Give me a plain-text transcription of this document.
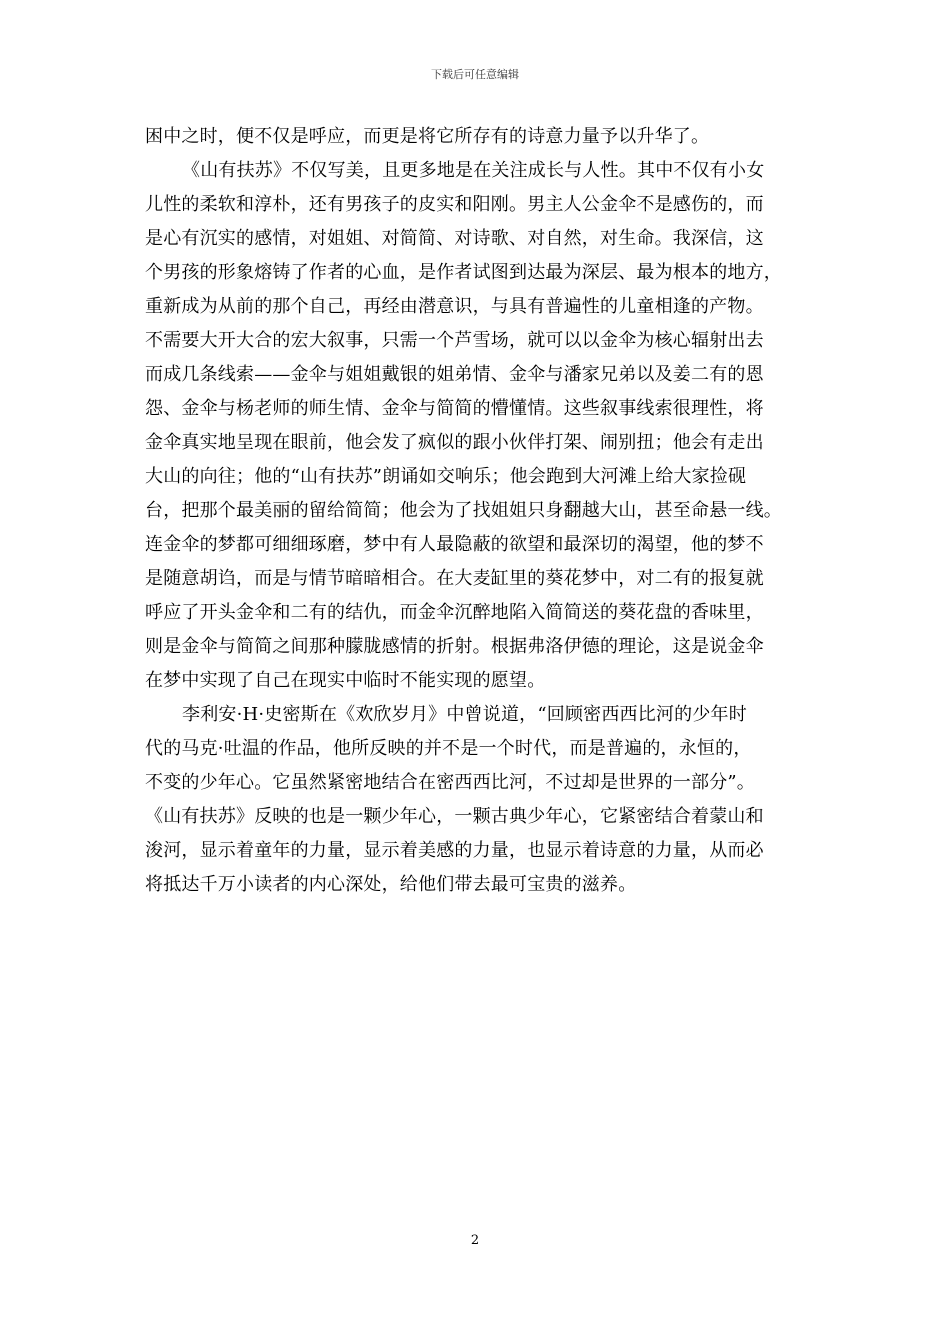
下载后可任意编辑
困中之时，便不仅是呼应，而更是将它所存有的诗意力量予以升华了。
《山有扶苏》不仅写美，且更多地是在关注成长与人性。其中不仅有小女
儿性的柔软和淳朴，还有男孩子的皮实和阳刚。男主人公金伞不是感伤的，而
是心有沉实的感情，对姐姐、对简简、对诗歌、对自然，对生命。我深信，这
个男孩的形象熔铸了作者的心血，是作者试图到达最为深层、最为根本的地方，
重新成为从前的那个自己，再经由潜意识，与具有普遍性的儿童相逢的产物。
不需要大开大合的宏大叙事，只需一个芦雪场，就可以以金伞为核心辐射出去
而成几条线索——金伞与姐姐戴银的姐弟情、金伞与潘家兄弟以及姜二有的恩
怨、金伞与杨老师的师生情、金伞与简简的懵懂情。这些叙事线索很理性，将
金伞真实地呈现在眼前，他会发了疯似的跟小伙伴打架、闹别扭；他会有走出
大山的向往；他的“山有扶苏”朗诵如交响乐；他会跑到大河滩上给大家捡砚
台，把那个最美丽的留给简简；他会为了找姐姐只身翻越大山，甚至命悬一线。
连金伞的梦都可细细琢磨，梦中有人最隐蔽的欲望和最深切的渴望，他的梦不
是随意胡诌，而是与情节暗暗相合。在大麦缸里的葵花梦中，对二有的报复就
呼应了开头金伞和二有的结仇，而金伞沉醉地陷入简简送的葵花盘的香味里，
则是金伞与简简之间那种朦胧感情的折射。根据弗洛伊德的理论，这是说金伞
在梦中实现了自己在现实中临时不能实现的愿望。
李利安·H·史密斯在《欢欣岁月》中曾说道，“回顾密西西比河的少年时
代的马克·吐温的作品，他所反映的并不是一个时代，而是普遍的，永恒的，
不变的少年心。它虽然紧密地结合在密西西比河，不过却是世界的一部分”。
《山有扶苏》反映的也是一颗少年心，一颗古典少年心，它紧密结合着蒙山和
浚河，显示着童年的力量，显示着美感的力量，也显示着诗意的力量，从而必
将抵达千万小读者的内心深处，给他们带去最可宝贵的滋养。
2
